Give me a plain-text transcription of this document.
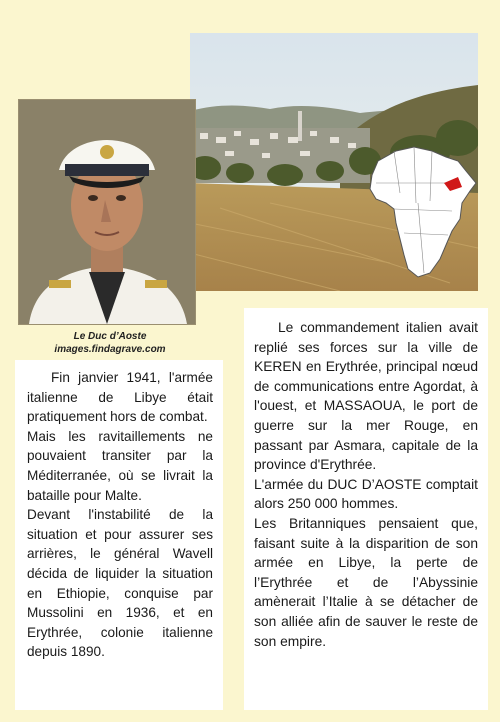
Le Duc d’Aoste
images.findagrave.com

Fin janvier 1941, l'armée italienne de Libye était pratiquement hors de combat.

Mais les ravitaillements ne pouvaient transiter par la Méditerranée, où se livrait la bataille pour Malte.

Devant l'instabilité de la situation et pour assurer ses arrières, le général Wavell décida de liquider la situation en Ethiopie, conquise par Mussolini en 1936, et en Erythrée, colonie italienne depuis 1890.

Le commandement italien avait replié ses forces sur la ville de KEREN en Erythrée, principal nœud de communications entre Agordat, à l'ouest, et MASSAOUA, le port de guerre sur la mer Rouge, en passant par Asmara, capitale de la province d'Erythrée.

L'armée du DUC D’AOSTE comptait alors 250 000 hommes.

Les Britanniques pensaient que, faisant suite à la disparition de son armée en Libye, la perte de l’Erythrée et de l’Abyssinie amènerait l’Italie à se détacher de son alliée afin de sauver le reste de son empire.
